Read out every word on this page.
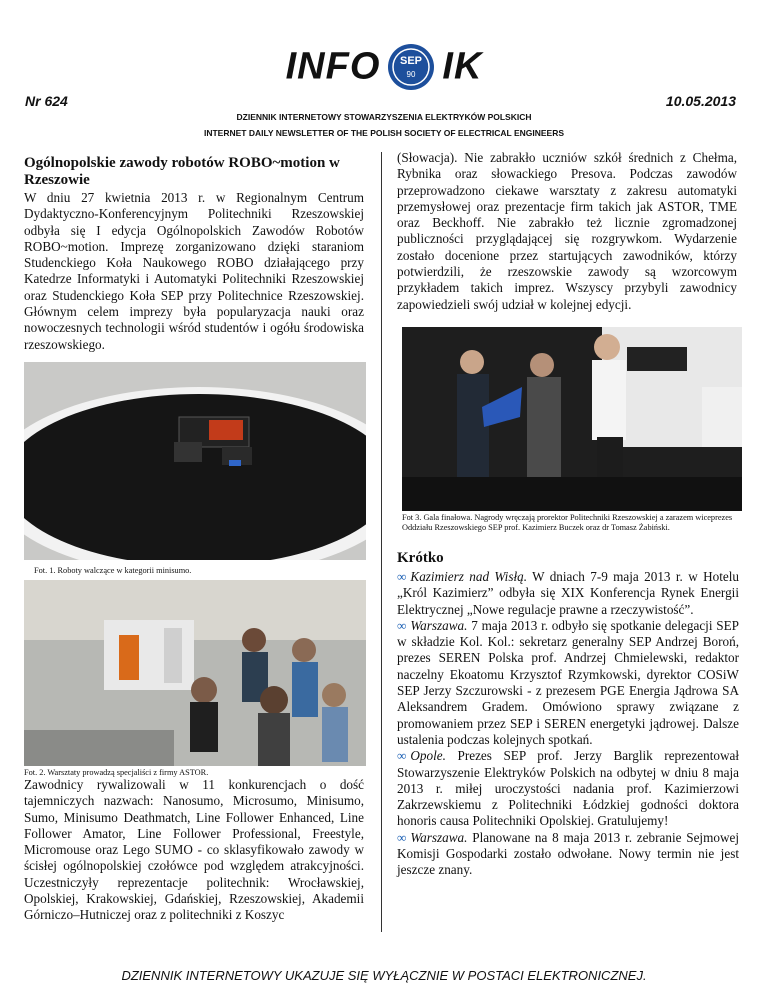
INFO SEP
90 IK
Nr 624	10.05.2013
DZIENNIK INTERNETOWY STOWARZYSZENIA ELEKTRYKÓW POLSKICH
INTERNET DAILY NEWSLETTER OF THE POLISH SOCIETY OF ELECTRICAL ENGINEERS
Ogólnopolskie zawody robotów ROBO~motion w Rzeszowie
W dniu 27 kwietnia 2013 r. w Regionalnym Centrum Dydaktyczno-Konferencyjnym Politechniki Rzeszowskiej odbyła się I edycja Ogólnopolskich Zawodów Robotów ROBO~motion. Imprezę zorganizowano dzięki staraniom Studenckiego Koła Naukowego ROBO działającego przy Katedrze Informatyki i Automatyki Politechniki Rzeszowskiej oraz Studenckiego Koła SEP przy Politechnice Rzeszowskiej. Głównym celem imprezy była popularyzacja nauki oraz nowoczesnych technologii wśród studentów i ogółu środowiska rzeszowskiego.
Fot. 1. Roboty walczące w kategorii minisumo.
Fot. 2. Warsztaty prowadzą specjaliści z firmy ASTOR.
Zawodnicy rywalizowali w 11 konkurencjach o dość tajemniczych nazwach: Nanosumo, Microsumo, Minisumo, Sumo, Minisumo Deathmatch, Line Follower Enhanced, Line Follower Amator, Line Follower Professional, Freestyle, Micromouse oraz Lego SUMO - co sklasyfikowało zawody w ścisłej ogólnopolskiej czołówce pod względem atrakcyjności. Uczestniczyły reprezentacje politechnik: Wrocławskiej, Opolskiej, Krakowskiej, Gdańskiej, Rzeszowskiej, Akademii Górniczo–Hutniczej oraz z politechniki z Koszyc
(Słowacja). Nie zabrakło uczniów szkół średnich z Chełma, Rybnika oraz słowackiego Presova. Podczas zawodów przeprowadzono ciekawe warsztaty z zakresu automatyki przemysłowej oraz prezentacje firm takich jak ASTOR, TME oraz Beckhoff. Nie zabrakło też licznie zgromadzonej publiczności przyglądającej się rozgrywkom. Wydarzenie zostało docenione przez startujących zawodników, którzy potwierdzili, że rzeszowskie zawody są wzorcowym przykładem takich imprez. Wszyscy przybyli zawodnicy zapowiedzieli swój udział w kolejnej edycji.
Fot 3. Gala finałowa. Nagrody wręczają prorektor Politechniki Rzeszowskiej a zarazem wiceprezes Oddziału Rzeszowskiego SEP prof. Kazimierz Buczek oraz dr Tomasz Żabiński.
Krótko

∞ Kazimierz nad Wisłą. W dniach 7-9 maja 2013 r. w Hotelu „Król Kazimierz” odbyła się XIX Konferencja Rynek Energii Elektrycznej „Nowe regulacje prawne a rzeczywistość”.

∞ Warszawa. 7 maja 2013 r. odbyło się spotkanie delegacji SEP w składzie Kol. Kol.: sekretarz generalny SEP Andrzej Boroń, prezes SEREN Polska prof. Andrzej Chmielewski, redaktor naczelny Ekoatomu Krzysztof Rzymkowski, dyrektor COSiW SEP Jerzy Szczurowski - z prezesem PGE Energia Jądrowa SA Aleksandrem Gradem. Omówiono sprawy związane z promowaniem przez SEP i SEREN energetyki jądrowej. Dalsze ustalenia podczas kolejnych spotkań.

∞ Opole. Prezes SEP prof. Jerzy Barglik reprezentował Stowarzyszenie Elektryków Polskich na odbytej w dniu 8 maja 2013 r. miłej uroczystości nadania prof. Kazimierzowi Zakrzewskiemu z Politechniki Łódzkiej godności doktora honoris causa Politechniki Opolskiej. Gratulujemy!

∞ Warszawa. Planowane na 8 maja 2013 r. zebranie Sejmowej Komisji Gospodarki zostało odwołane. Nowy termin nie jest jeszcze znany.

DZIENNIK INTERNETOWY UKAZUJE SIĘ WYŁĄCZNIE W POSTACI ELEKTRONICZNEJ.
